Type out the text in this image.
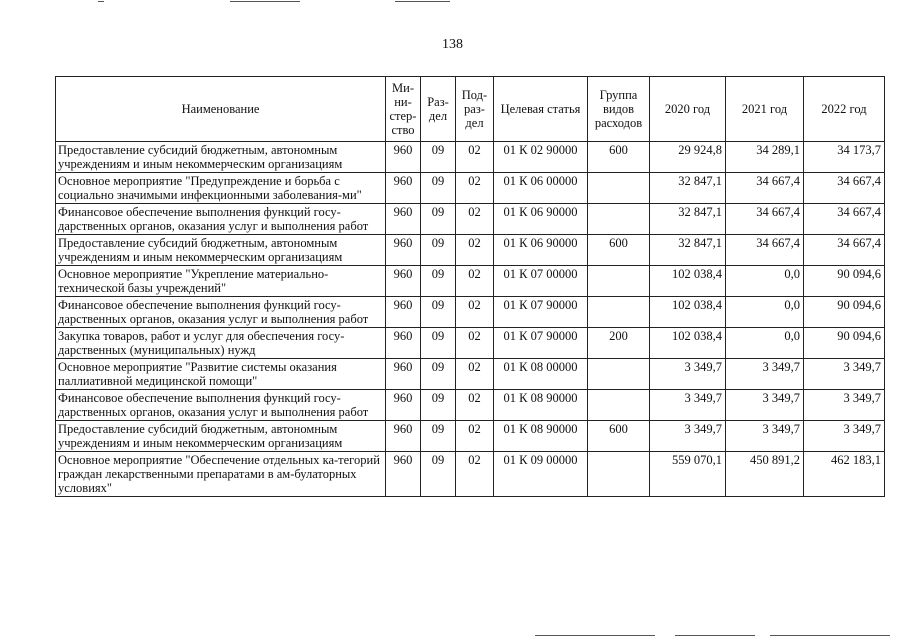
138
Наименование	Ми-ни-стер-ство	Раз-дел	Под-раз-дел	Целевая статья	Группа видов расходов	2020 год	2021 год	2022 год
Предоставление субсидий бюджетным, автономным учреждениям и иным некоммерческим организациям	960	09	02	01 К 02 90000	600	29 924,8	34 289,1	34 173,7
Основное мероприятие "Предупреждение и борьба с социально значимыми инфекционными заболевания-ми"	960	09	02	01 К 06 00000		32 847,1	34 667,4	34 667,4
Финансовое обеспечение выполнения функций госу-дарственных органов, оказания услуг и выполнения работ	960	09	02	01 К 06 90000		32 847,1	34 667,4	34 667,4
Предоставление субсидий бюджетным, автономным учреждениям и иным некоммерческим организациям	960	09	02	01 К 06 90000	600	32 847,1	34 667,4	34 667,4
Основное мероприятие "Укрепление материально-технической базы учреждений"	960	09	02	01 К 07 00000		102 038,4	0,0	90 094,6
Финансовое обеспечение выполнения функций госу-дарственных органов, оказания услуг и выполнения работ	960	09	02	01 К 07 90000		102 038,4	0,0	90 094,6
Закупка товаров, работ и услуг для обеспечения госу-дарственных (муниципальных) нужд	960	09	02	01 К 07 90000	200	102 038,4	0,0	90 094,6
Основное мероприятие "Развитие системы оказания паллиативной медицинской помощи"	960	09	02	01 К 08 00000		3 349,7	3 349,7	3 349,7
Финансовое обеспечение выполнения функций госу-дарственных органов, оказания услуг и выполнения работ	960	09	02	01 К 08 90000		3 349,7	3 349,7	3 349,7
Предоставление субсидий бюджетным, автономным учреждениям и иным некоммерческим организациям	960	09	02	01 К 08 90000	600	3 349,7	3 349,7	3 349,7
Основное мероприятие "Обеспечение отдельных ка-тегорий граждан лекарственными препаратами в ам-булаторных условиях"	960	09	02	01 К 09 00000		559 070,1	450 891,2	462 183,1
